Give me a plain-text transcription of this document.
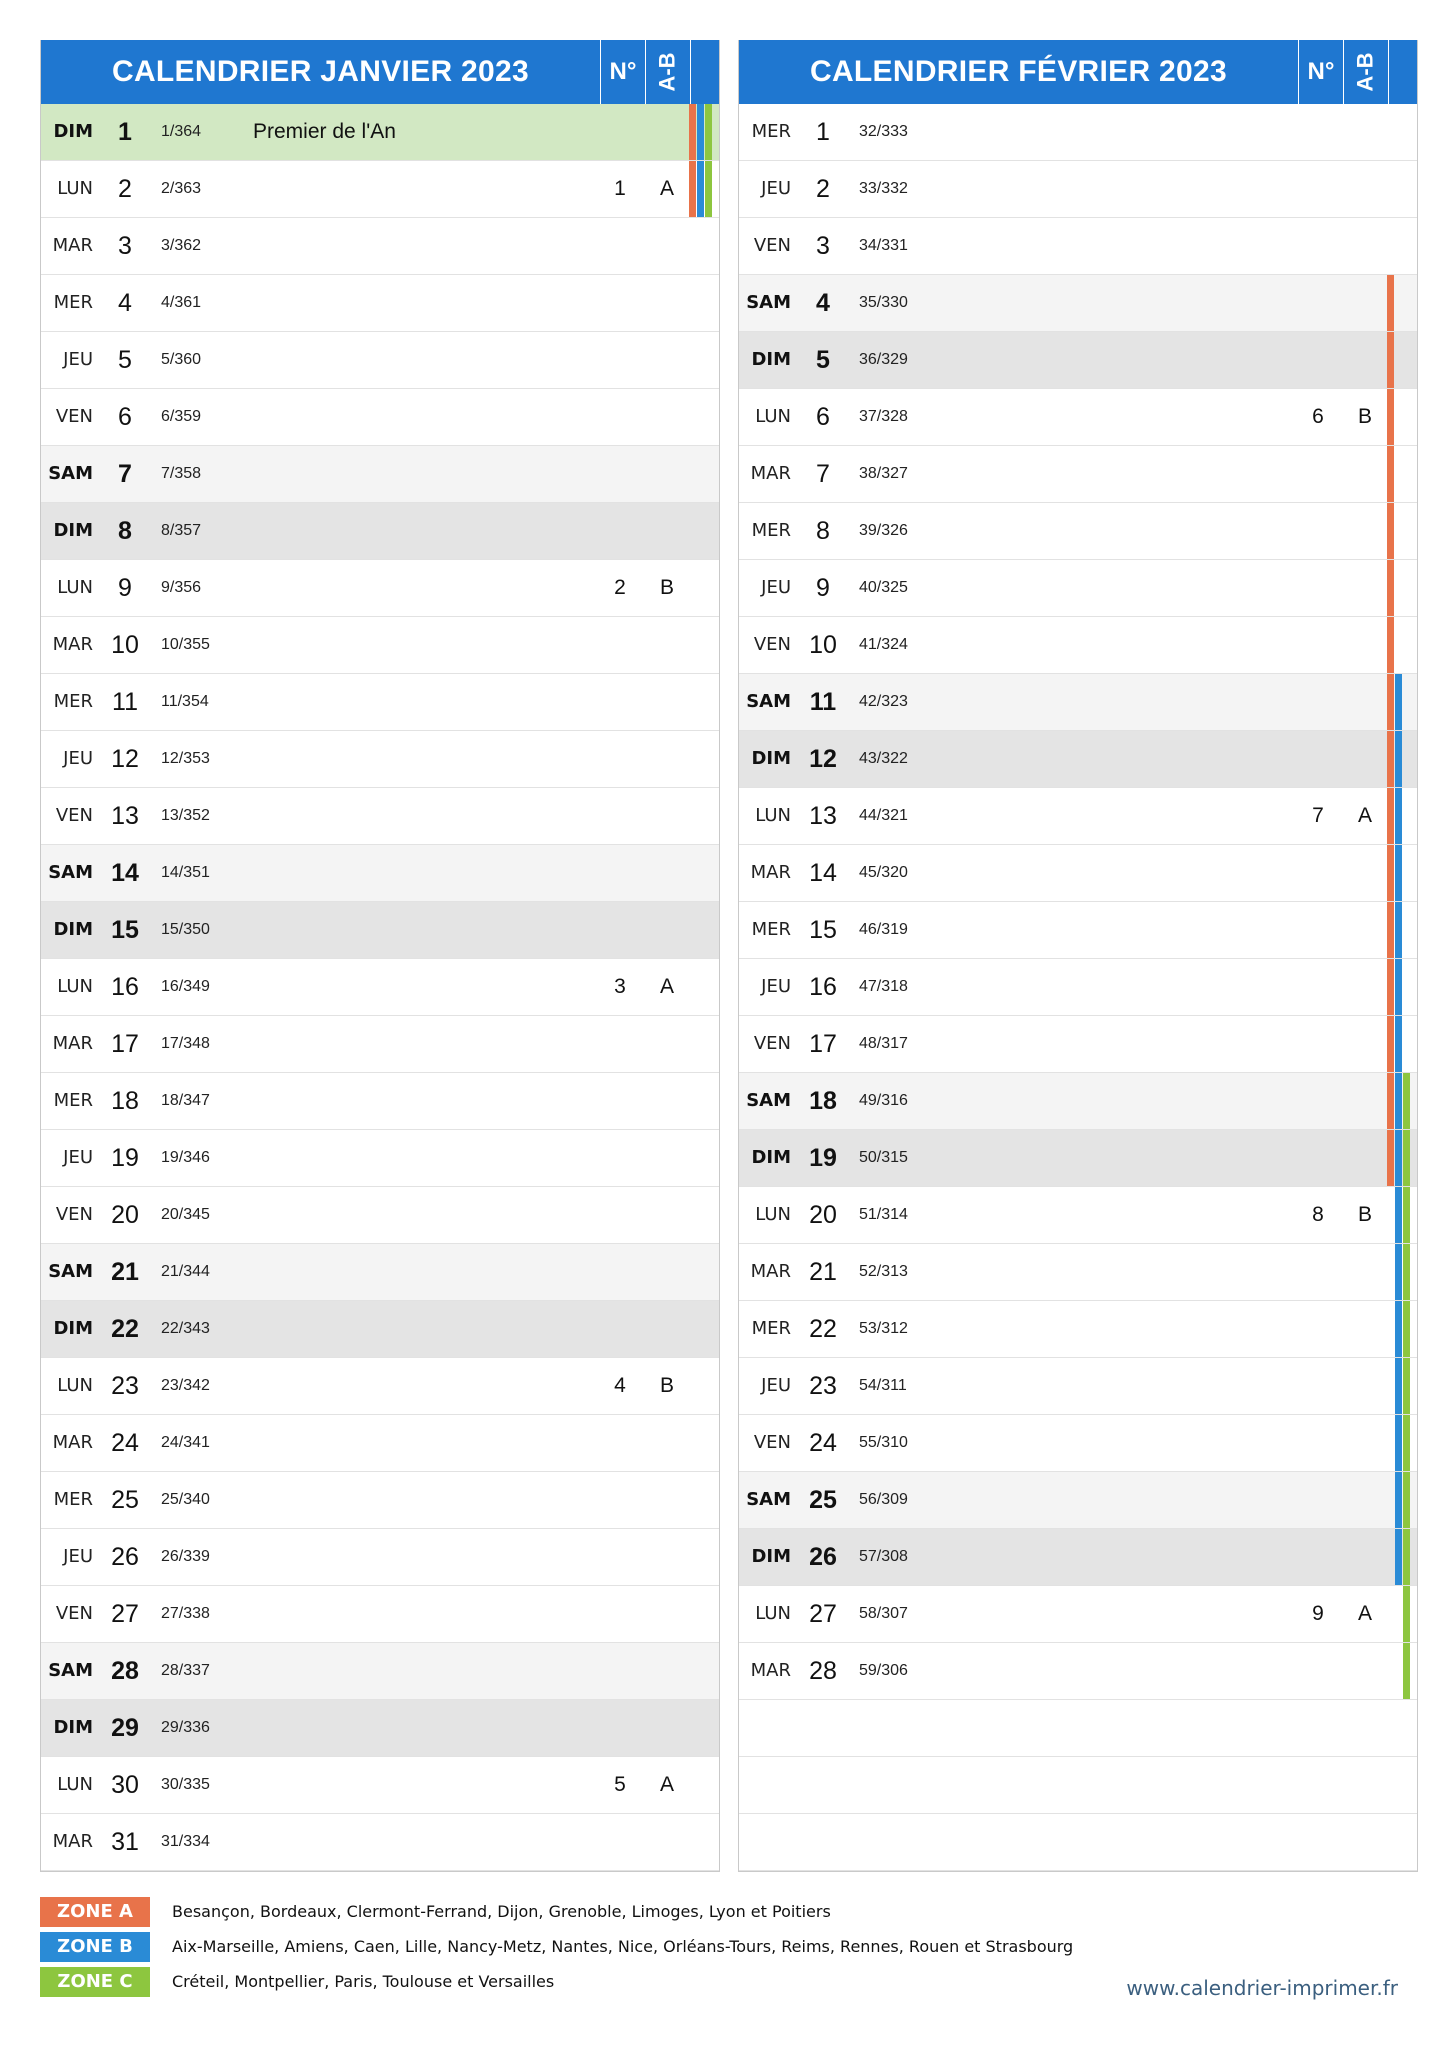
CALENDRIER JANVIER 2023	N° A-B
DIM	1	1/364 Premier de l'An
LUN	2	2/363	1	A
MAR	3	3/362
MER	4	4/361
JEU	5	5/360
VEN	6	6/359
SAM	7	7/358
DIM	8	8/357
LUN	9	9/356	2	B
MAR 10	10/355
MER 11	11/354
JEU 12	12/353
VEN 13	13/352
SAM 14	14/351
DIM 15	15/350
LUN 16	16/349	3	A
MAR 17	17/348
MER 18	18/347
JEU 19	19/346
VEN 20	20/345
SAM 21	21/344
DIM 22	22/343
LUN 23	23/342	4	B
MAR 24	24/341
MER 25	25/340
JEU 26	26/339
VEN 27	27/338
SAM 28	28/337
DIM 29	29/336
LUN 30	30/335	5	A
MAR 31	31/334
CALENDRIER FÉVRIER 2023	N° A-B
MER	1	32/333
JEU	2	33/332
VEN	3	34/331
SAM	4	35/330
DIM	5	36/329
LUN	6	37/328	6	B
MAR	7	38/327
MER	8	39/326
JEU	9	40/325
VEN 10	41/324
SAM 11	42/323
DIM 12	43/322
LUN 13	44/321	7	A
MAR 14	45/320
MER 15	46/319
JEU 16	47/318
VEN 17	48/317
SAM 18	49/316
DIM 19	50/315
LUN 20	51/314	8	B
MAR 21	52/313
MER 22	53/312
JEU 23	54/311
VEN 24	55/310
SAM 25	56/309
DIM 26	57/308
LUN 27	58/307	9	A
MAR 28	59/306
ZONE A	Besançon, Bordeaux, Clermont-Ferrand, Dijon, Grenoble, Limoges, Lyon et Poitiers
ZONE B	Aix-Marseille, Amiens, Caen, Lille, Nancy-Metz, Nantes, Nice, Orléans-Tours, Reims, Rennes, Rouen et Strasbourg
ZONE C	Créteil, Montpellier, Paris, Toulouse et Versailles	www.calendrier-imprimer.fr
